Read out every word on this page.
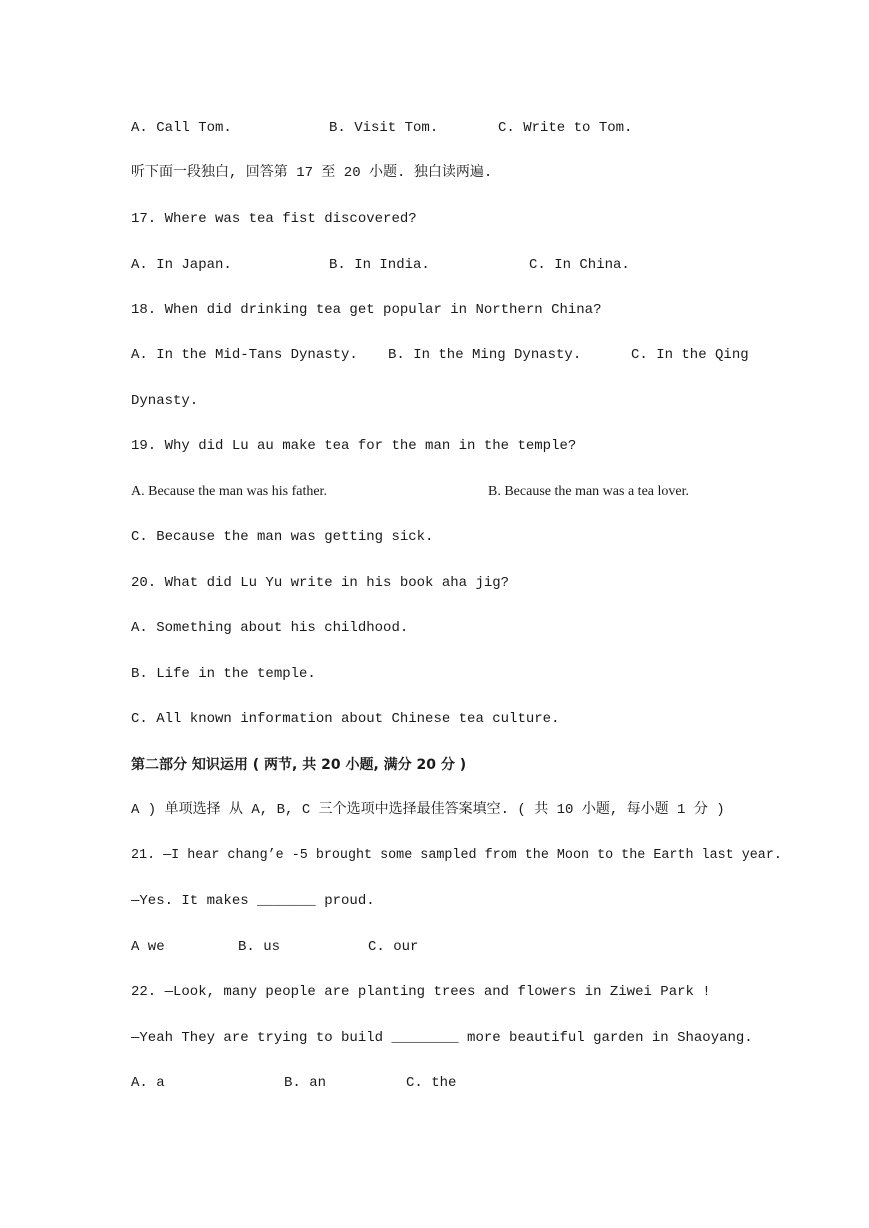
A. Call Tom.	B. Visit Tom.	C. Write to Tom.
听下面一段独白, 回答第 17 至 20 小题. 独白读两遍.
17. Where was tea fist discovered?
A. In Japan.	B. In India.	C. In China.
18. When did drinking tea get popular in Northern China?
A. In the Mid-Tans Dynasty. B. In the Ming Dynasty.	C. In the Qing
Dynasty.
19. Why did Lu au make tea for the man in the temple?
A. Because the man was his father.	B. Because the man was a tea lover.
C. Because the man was getting sick.
20. What did Lu Yu write in his book aha jig?
A. Something about his childhood.
B. Life in the temple.
C. All known information about Chinese tea culture.
第二部分 知识运用 ( 两节, 共 20 小题, 满分 20 分 )
A ) 单项选择 从 A, B, C 三个选项中选择最佳答案填空. ( 共 10 小题, 每小题 1 分 )
21. —I hear chang’e -5 brought some sampled from the Moon to the Earth last year.
—Yes. It makes _______ proud.
A we	B. us	C. our
22. —Look, many people are planting trees and flowers in Ziwei Park !
—Yeah They are trying to build ________ more beautiful garden in Shaoyang.
A. a	B. an	C. the
